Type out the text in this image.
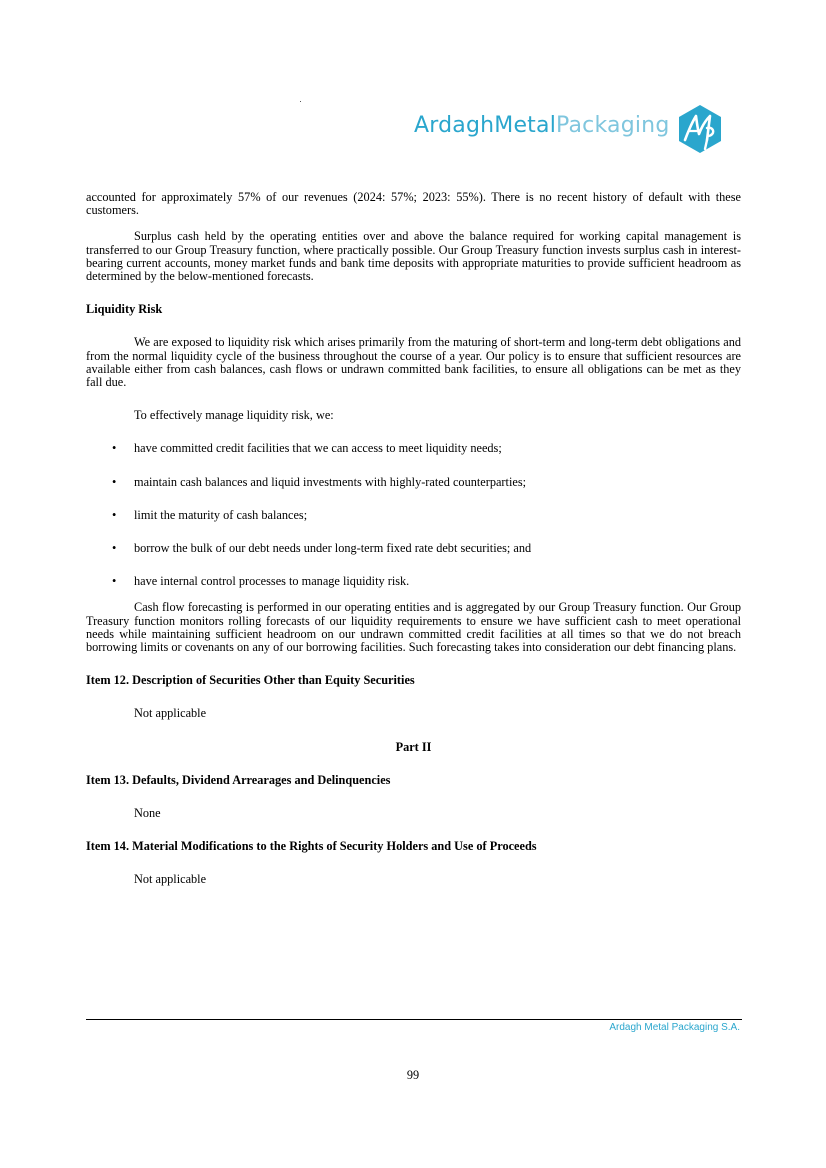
ArdaghMetalPackaging

accounted for approximately 57% of our revenues (2024: 57%; 2023: 55%). There is no recent history of default with these customers.

Surplus cash held by the operating entities over and above the balance required for working capital management is transferred to our Group Treasury function, where practically possible. Our Group Treasury function invests surplus cash in interest-bearing current accounts, money market funds and bank time deposits with appropriate maturities to provide sufficient headroom as determined by the below-mentioned forecasts.

Liquidity Risk

We are exposed to liquidity risk which arises primarily from the maturing of short-term and long-term debt obligations and from the normal liquidity cycle of the business throughout the course of a year. Our policy is to ensure that sufficient resources are available either from cash balances, cash flows or undrawn committed bank facilities, to ensure all obligations can be met as they fall due.

To effectively manage liquidity risk, we:

• have committed credit facilities that we can access to meet liquidity needs;
• maintain cash balances and liquid investments with highly-rated counterparties;
• limit the maturity of cash balances;
• borrow the bulk of our debt needs under long-term fixed rate debt securities; and
• have internal control processes to manage liquidity risk.

Cash flow forecasting is performed in our operating entities and is aggregated by our Group Treasury function. Our Group Treasury function monitors rolling forecasts of our liquidity requirements to ensure we have sufficient cash to meet operational needs while maintaining sufficient headroom on our undrawn committed credit facilities at all times so that we do not breach borrowing limits or covenants on any of our borrowing facilities. Such forecasting takes into consideration our debt financing plans.

Item 12. Description of Securities Other than Equity Securities

Not applicable

Part II

Item 13. Defaults, Dividend Arrearages and Delinquencies

None

Item 14. Material Modifications to the Rights of Security Holders and Use of Proceeds

Not applicable

Ardagh Metal Packaging S.A.
99
